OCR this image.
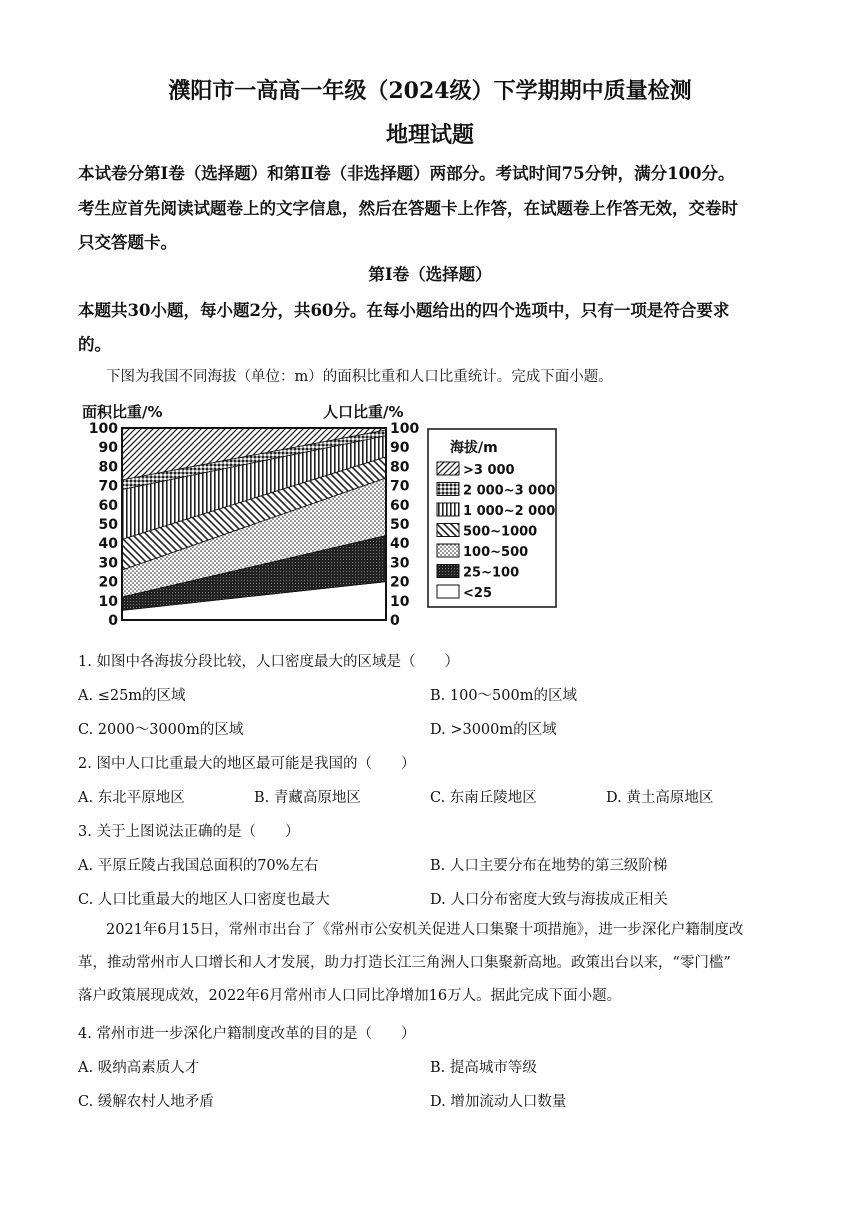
濮阳市一高高一年级（2024级）下学期期中质量检测
地理试题
本试卷分第Ⅰ卷（选择题）和第Ⅱ卷（非选择题）两部分。考试时间75分钟，满分100分。
考生应首先阅读试题卷上的文字信息，然后在答题卡上作答，在试题卷上作答无效，交卷时
只交答题卡。
第Ⅰ卷（选择题）
本题共30小题，每小题2分，共60分。在每小题给出的四个选项中，只有一项是符合要求
的。
下图为我国不同海拔（单位：m）的面积比重和人口比重统计。完成下面小题。
面积比重/%	人口比重/%
0	0
10	10
20	20
30	30
40	40
50	50
60	60
70	70
80	80
90	90
100	100
海拔/m
>3 000
2 000~3 000
1 000~2 000
500~1000
100~500
25~100
<25
1. 如图中各海拔分段比较，人口密度最大的区域是（　　）
A. ≤25m的区域	B. 100～500m的区域
C. 2000～3000m的区域	D. >3000m的区域
2. 图中人口比重最大的地区最可能是我国的（　　）
A. 东北平原地区	B. 青藏高原地区	C. 东南丘陵地区	D. 黄土高原地区
3. 关于上图说法正确的是（　　）
A. 平原丘陵占我国总面积的70%左右	B. 人口主要分布在地势的第三级阶梯
C. 人口比重最大的地区人口密度也最大	D. 人口分布密度大致与海拔成正相关
2021年6月15日，常州市出台了《常州市公安机关促进人口集聚十项措施》，进一步深化户籍制度改
革，推动常州市人口增长和人才发展，助力打造长江三角洲人口集聚新高地。政策出台以来，“零门槛”
落户政策展现成效，2022年6月常州市人口同比净增加16万人。据此完成下面小题。
4. 常州市进一步深化户籍制度改革的目的是（　　）
A. 吸纳高素质人才	B. 提高城市等级
C. 缓解农村人地矛盾	D. 增加流动人口数量
